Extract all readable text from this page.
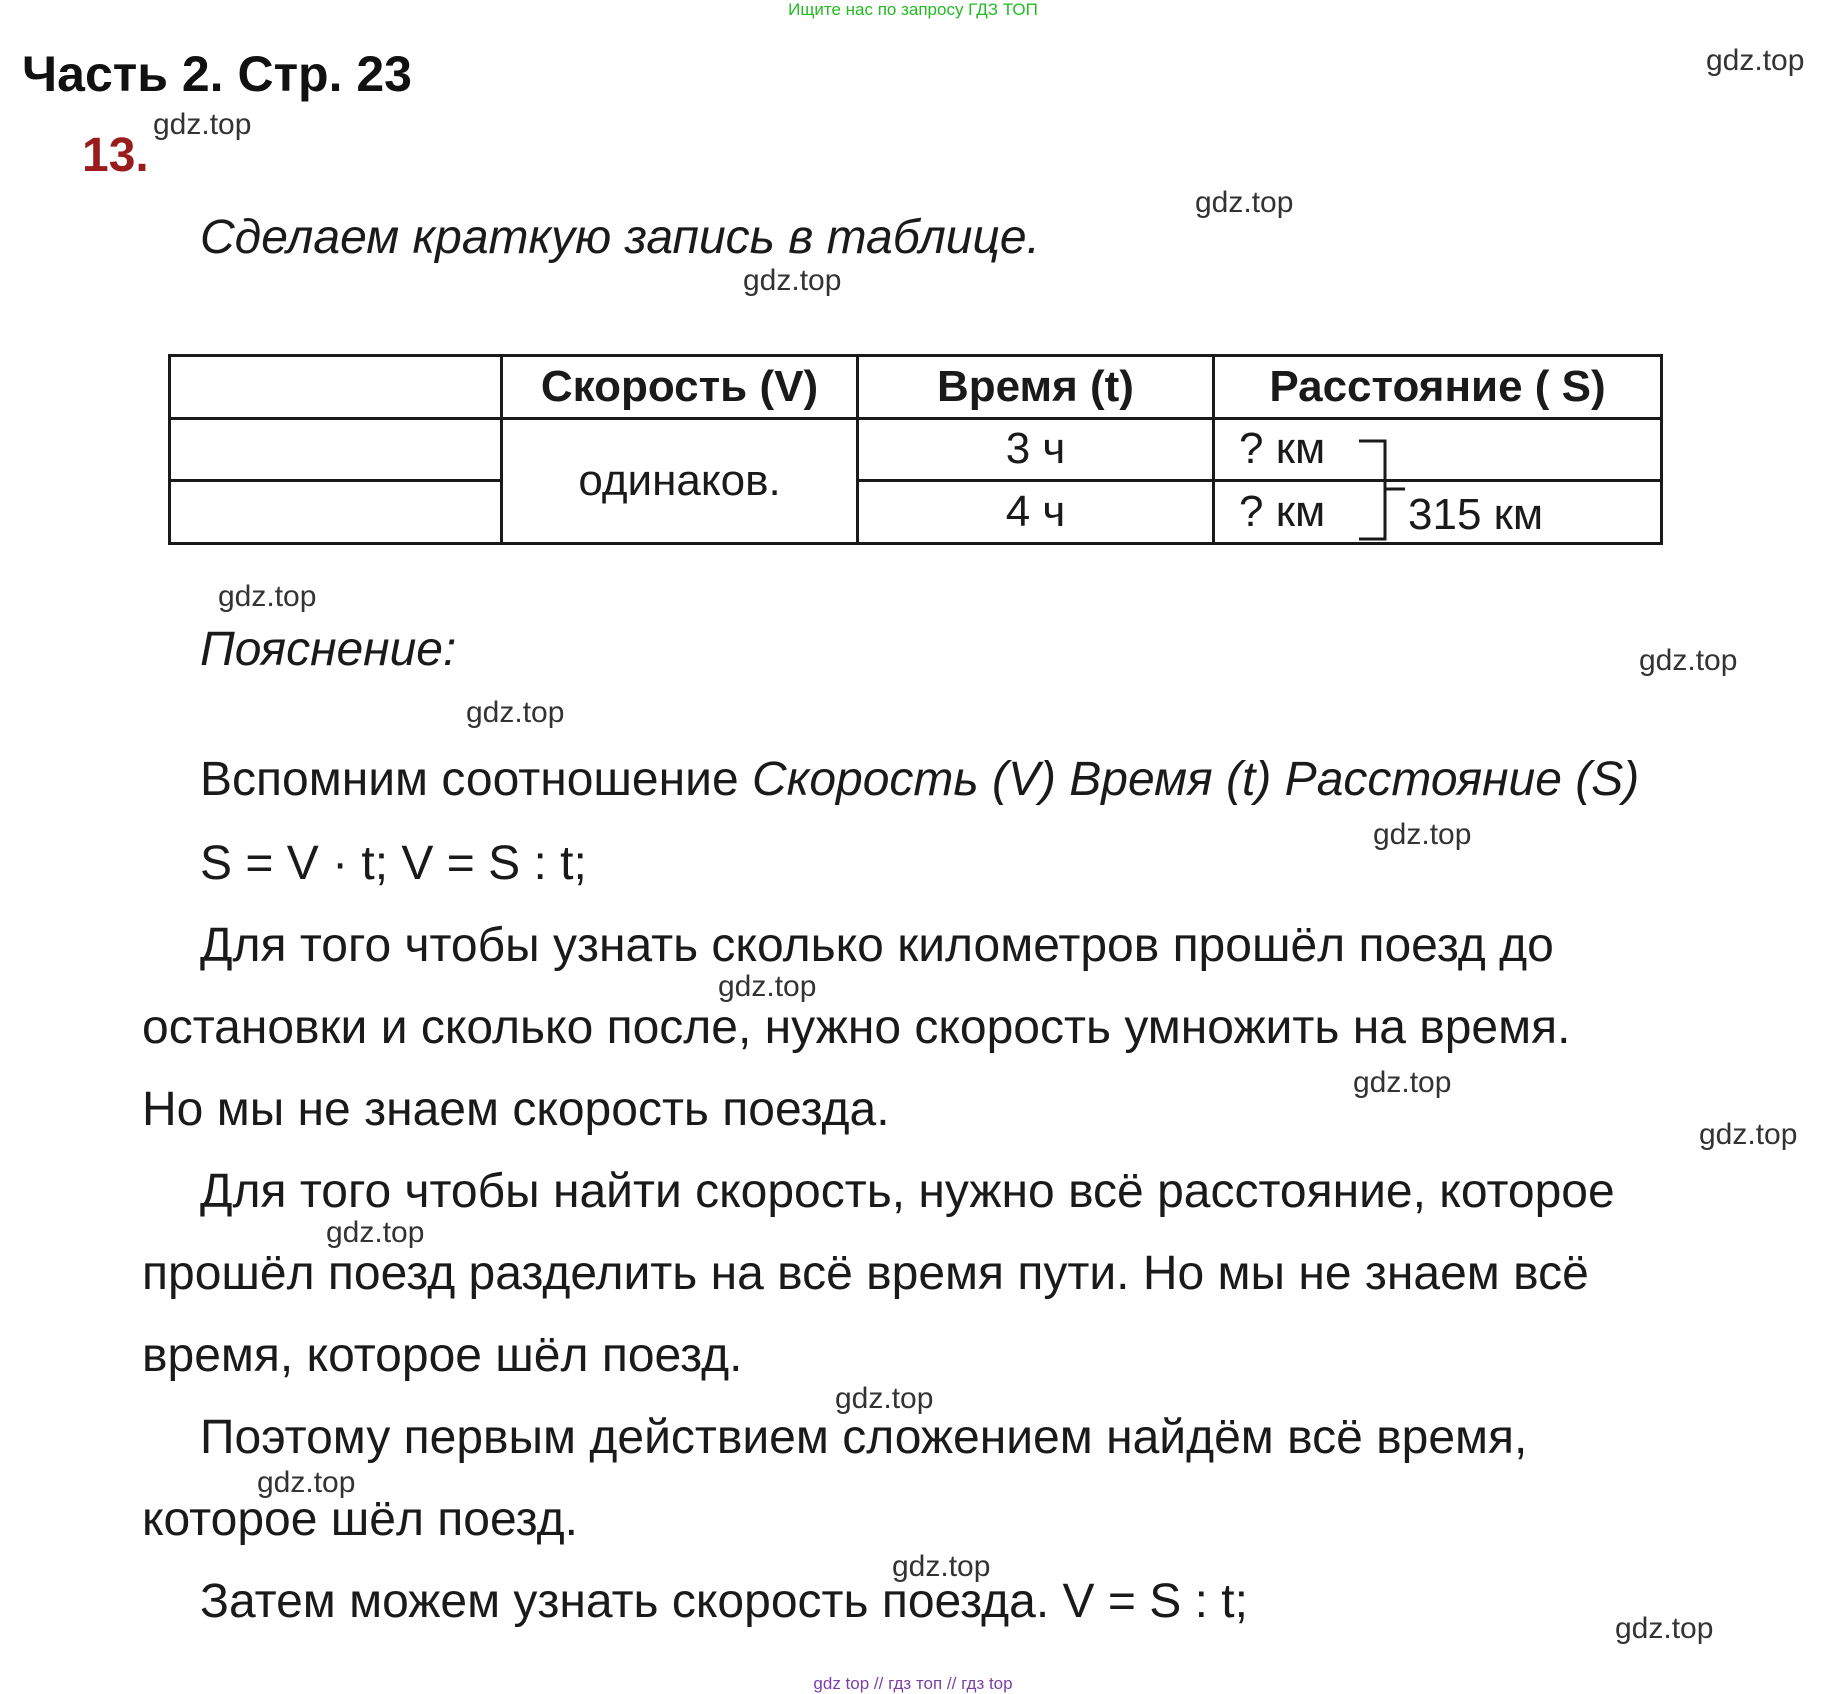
Ищите нас по запросу ГДЗ ТОП
Часть 2. Стр. 23
13.
Сделаем краткую запись в таблице.
	Скорость (V)	Время (t)	Расстояние ( S)
	одинаков.	3 ч	? км
		4 ч	? км 315 км
Пояснение:
Вспомним соотношение Скорость (V) Время (t) Расстояние (S)
S = V · t; V = S : t;
Для того чтобы узнать сколько километров прошёл поезд до
остановки и сколько после, нужно скорость умножить на время.
Но мы не знаем скорость поезда.
Для того чтобы найти скорость, нужно всё расстояние, которое
прошёл поезд разделить на всё время пути. Но мы не знаем всё
время, которое шёл поезд.
Поэтому первым действием сложением найдём всё время,
которое шёл поезд.
Затем можем узнать скорость поезда. V = S : t;
gdz.top
gdz.top
gdz.top
gdz.top
gdz.top
gdz.top
gdz.top
gdz.top
gdz.top
gdz.top
gdz.top
gdz.top
gdz.top
gdz.top
gdz.top
gdz.top
gdz top // гдз топ // гдз top
